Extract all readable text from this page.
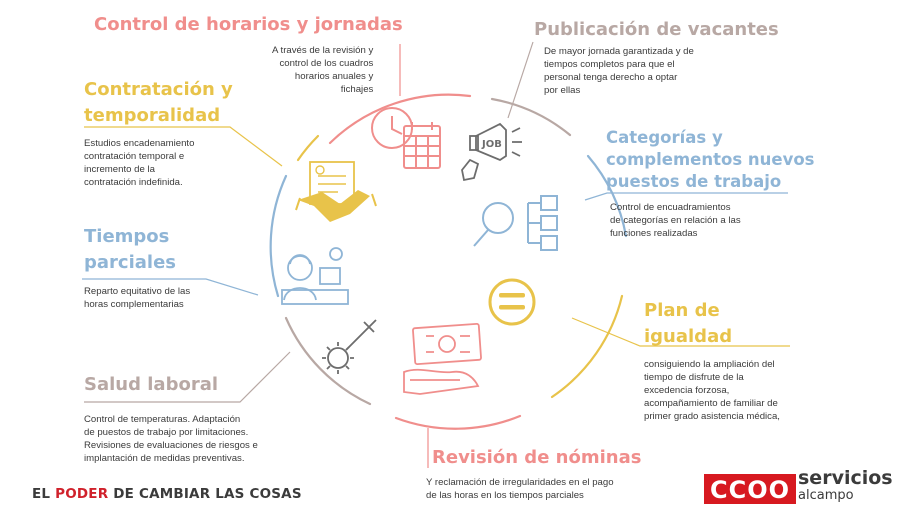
JOB
Control de horarios y jornadas
A través de la revisión y
control de los cuadros
horarios anuales y
fichajes
Publicación de vacantes
De mayor jornada garantizada y de
tiempos completos para que el
personal tenga derecho a optar
por ellas
Contratación y
temporalidad
Estudios encadenamiento
contratación temporal e
incremento de la
contratación indefinida.
Categorías y
complementos nuevos
puestos de trabajo
Control de encuadramientos
de categorías en relación a las
funciones realizadas
Tiempos
parciales
Reparto equitativo de las
horas complementarias	Plan de
igualdad
consiguiendo la ampliación del
tiempo de disfrute de la
excedencia forzosa,
acompañamiento de familiar de
primer grado asistencia médica,
Salud laboral
Control de temperaturas. Adaptación
de puestos de trabajo por limitaciones.
Revisiones de evaluaciones de riesgos e
implantación de medidas preventivas.	Revisión de nóminas
Y reclamación de irregularidades en el pago
de las horas en los tiempos parciales
EL PODER DE CAMBIAR LAS COSAS	CCOO servicios
alcampo
